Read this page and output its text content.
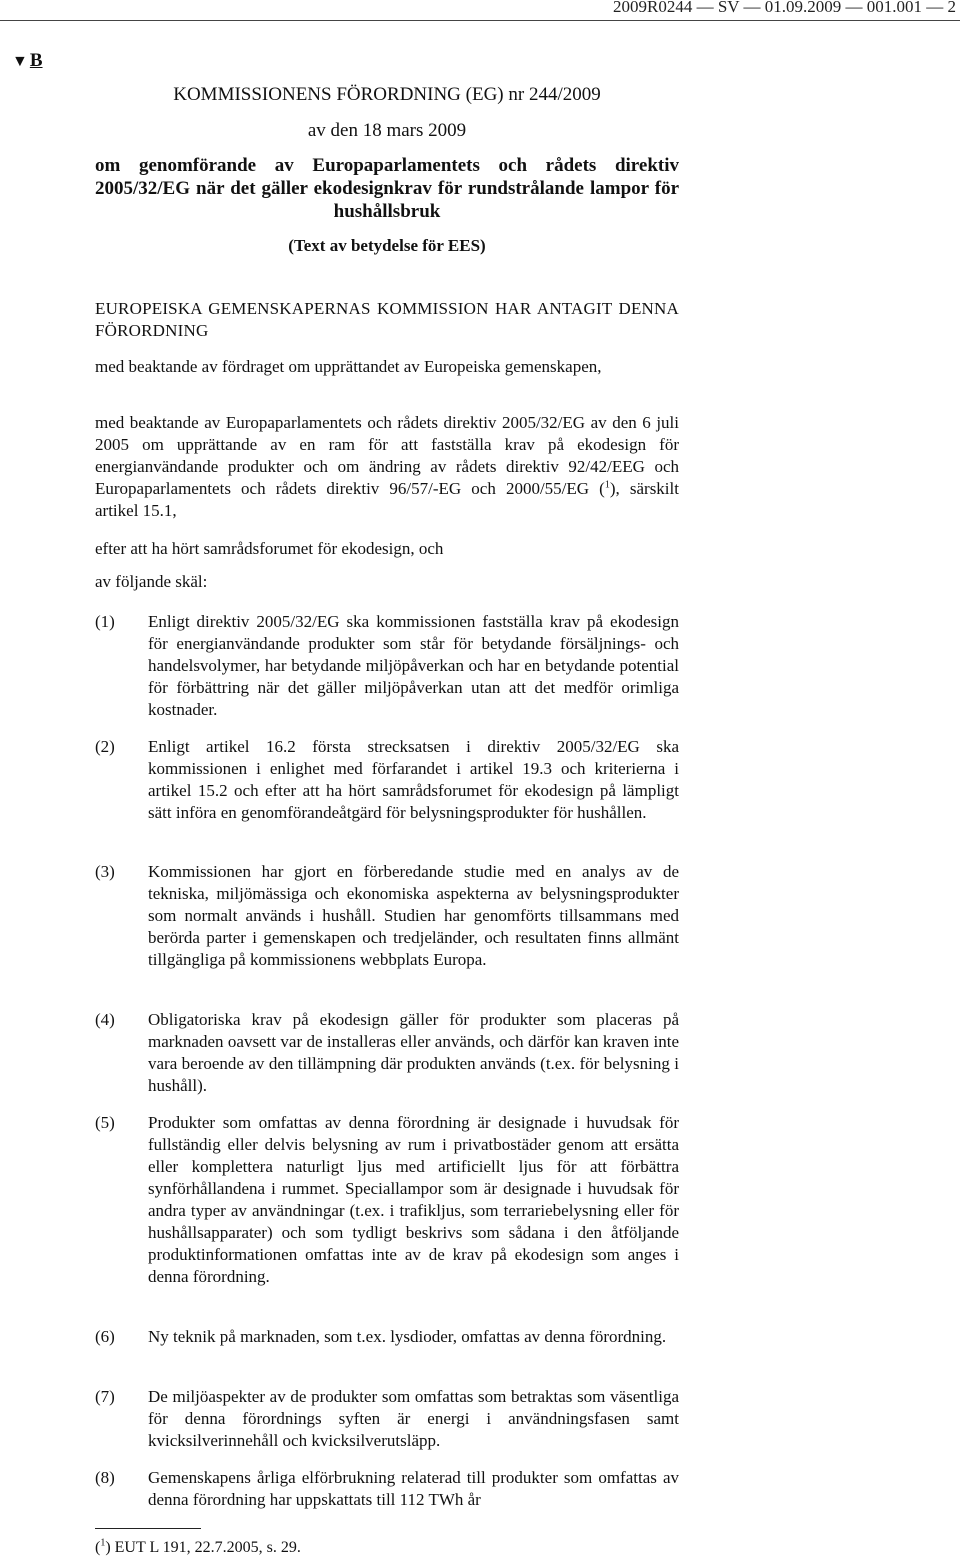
2009R0244 — SV — 01.09.2009 — 001.001 — 2
▼ B
KOMMISSIONENS FÖRORDNING (EG) nr 244/2009
av den 18 mars 2009
om genomförande av Europaparlamentets och rådets direktiv 2005/32/EG när det gäller ekodesignkrav för rundstrålande lampor för hushållsbruk
(Text av betydelse för EES)
EUROPEISKA GEMENSKAPERNAS KOMMISSION HAR ANTAGIT DENNA FÖRORDNING
med beaktande av fördraget om upprättandet av Europeiska gemenskapen,
med beaktande av Europaparlamentets och rådets direktiv 2005/32/EG av den 6 juli 2005 om upprättande av en ram för att fastställa krav på ekodesign för energianvändande produkter och om ändring av rådets direktiv 92/42/EEG och Europaparlamentets och rådets direktiv 96/57/-EG och 2000/55/EG ($^1$), särskilt artikel 15.1,
efter att ha hört samrådsforumet för ekodesign, och
av följande skäl:
(1)	Enligt direktiv 2005/32/EG ska kommissionen fastställa krav på ekodesign för energianvändande produkter som står för betydande försäljnings- och handelsvolymer, har betydande miljöpåverkan och har en betydande potential för förbättring när det gäller miljöpåverkan utan att det medför orimliga kostnader.
(2)	Enligt artikel 16.2 första strecksatsen i direktiv 2005/32/EG ska kommissionen i enlighet med förfarandet i artikel 19.3 och kriterierna i artikel 15.2 och efter att ha hört samrådsforumet för ekodesign på lämpligt sätt införa en genomförandeåtgärd för belysningsprodukter för hushållen.
(3)	Kommissionen har gjort en förberedande studie med en analys av de tekniska, miljömässiga och ekonomiska aspekterna av belysningsprodukter som normalt används i hushåll. Studien har genomförts tillsammans med berörda parter i gemenskapen och tredjeländer, och resultaten finns allmänt tillgängliga på kommissionens webbplats Europa.
(4)	Obligatoriska krav på ekodesign gäller för produkter som placeras på marknaden oavsett var de installeras eller används, och därför kan kraven inte vara beroende av den tillämpning där produkten används (t.ex. för belysning i hushåll).
(5)	Produkter som omfattas av denna förordning är designade i huvudsak för fullständig eller delvis belysning av rum i privatbostäder genom att ersätta eller komplettera naturligt ljus med artificiellt ljus för att förbättra synförhållandena i rummet. Speciallampor som är designade i huvudsak för andra typer av användningar (t.ex. i trafikljus, som terrariebelysning eller för hushållsapparater) och som tydligt beskrivs som sådana i den åtföljande produktinformationen omfattas inte av de krav på ekodesign som anges i denna förordning.
(6)	Ny teknik på marknaden, som t.ex. lysdioder, omfattas av denna förordning.
(7)	De miljöaspekter av de produkter som omfattas som betraktas som väsentliga för denna förordnings syften är energi i användningsfasen samt kvicksilverinnehåll och kvicksilverutsläpp.
(8)	Gemenskapens årliga elförbrukning relaterad till produkter som omfattas av denna förordning har uppskattats till 112 TWh år
($^1$) EUT L 191, 22.7.2005, s. 29.
